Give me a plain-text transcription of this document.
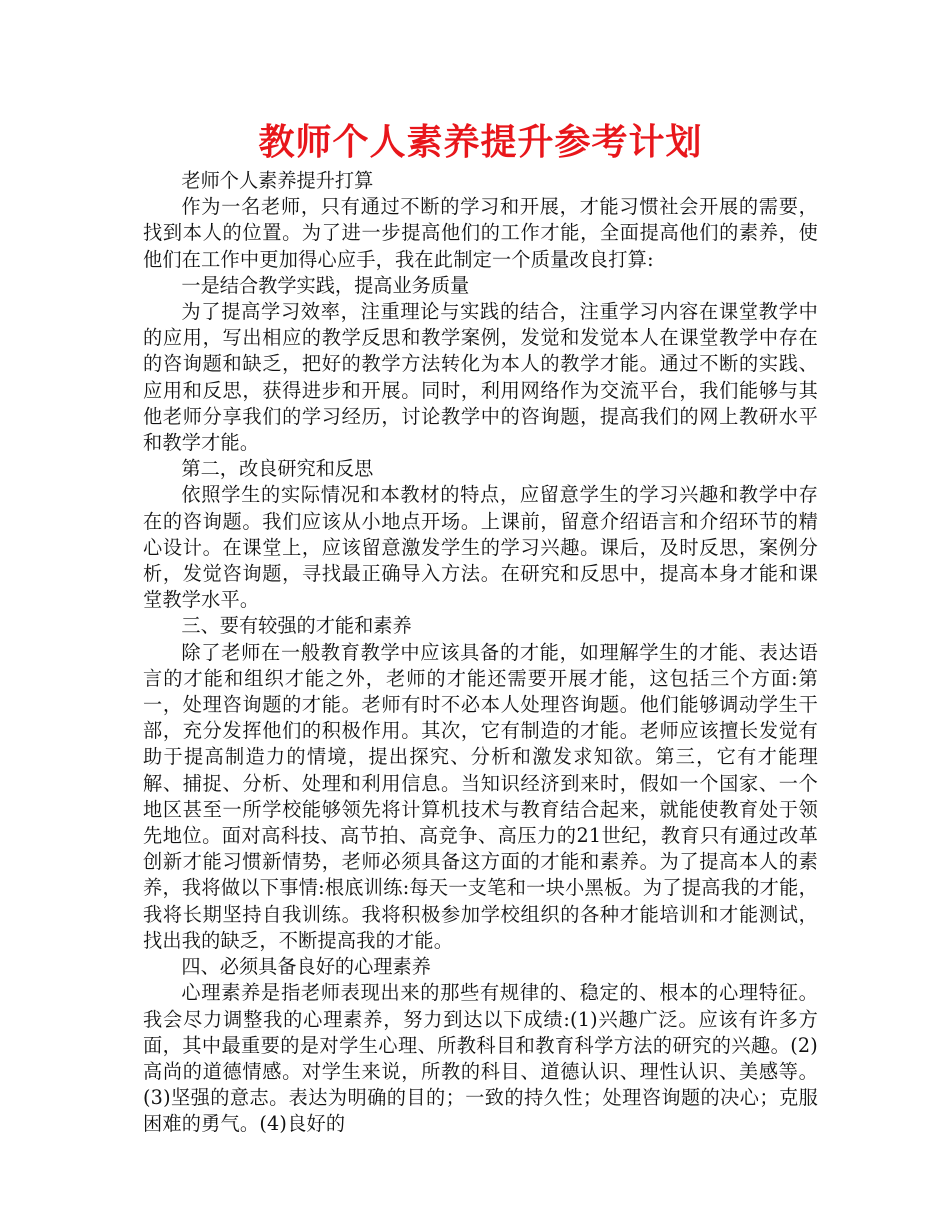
教师个人素养提升参考计划

老师个人素养提升打算

作为一名老师，只有通过不断的学习和开展，才能习惯社会开展的需要，找到本人的位置。为了进一步提高他们的工作才能，全面提高他们的素养，使他们在工作中更加得心应手，我在此制定一个质量改良打算:

一是结合教学实践，提高业务质量

为了提高学习效率，注重理论与实践的结合，注重学习内容在课堂教学中的应用，写出相应的教学反思和教学案例，发觉和发觉本人在课堂教学中存在的咨询题和缺乏，把好的教学方法转化为本人的教学才能。通过不断的实践、应用和反思，获得进步和开展。同时，利用网络作为交流平台，我们能够与其他老师分享我们的学习经历，讨论教学中的咨询题，提高我们的网上教研水平和教学才能。

第二，改良研究和反思

依照学生的实际情况和本教材的特点，应留意学生的学习兴趣和教学中存在的咨询题。我们应该从小地点开场。上课前，留意介绍语言和介绍环节的精心设计。在课堂上，应该留意激发学生的学习兴趣。课后，及时反思，案例分析，发觉咨询题，寻找最正确导入方法。在研究和反思中，提高本身才能和课堂教学水平。

三、要有较强的才能和素养

除了老师在一般教育教学中应该具备的才能，如理解学生的才能、表达语言的才能和组织才能之外，老师的才能还需要开展才能，这包括三个方面:第一，处理咨询题的才能。老师有时不必本人处理咨询题。他们能够调动学生干部，充分发挥他们的积极作用。其次，它有制造的才能。老师应该擅长发觉有助于提高制造力的情境，提出探究、分析和激发求知欲。第三，它有才能理解、捕捉、分析、处理和利用信息。当知识经济到来时，假如一个国家、一个地区甚至一所学校能够领先将计算机技术与教育结合起来，就能使教育处于领先地位。面对高科技、高节拍、高竞争、高压力的21世纪，教育只有通过改革创新才能习惯新情势，老师必须具备这方面的才能和素养。为了提高本人的素养，我将做以下事情:根底训练:每天一支笔和一块小黑板。为了提高我的才能，我将长期坚持自我训练。我将积极参加学校组织的各种才能培训和才能测试，找出我的缺乏，不断提高我的才能。

四、必须具备良好的心理素养

心理素养是指老师表现出来的那些有规律的、稳定的、根本的心理特征。我会尽力调整我的心理素养，努力到达以下成绩:(1)兴趣广泛。应该有许多方面，其中最重要的是对学生心理、所教科目和教育科学方法的研究的兴趣。(2)高尚的道德情感。对学生来说，所教的科目、道德认识、理性认识、美感等。(3)坚强的意志。表达为明确的目的；一致的持久性；处理咨询题的决心；克服困难的勇气。(4)良好的
